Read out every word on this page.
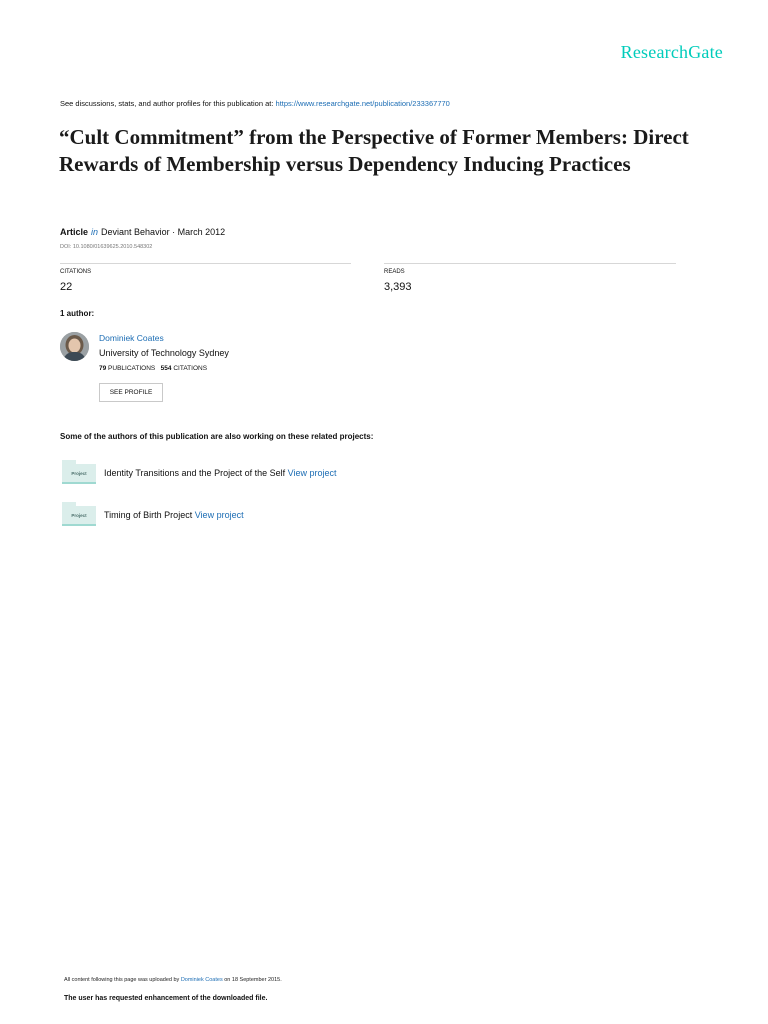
ResearchGate
See discussions, stats, and author profiles for this publication at: https://www.researchgate.net/publication/233367770
“Cult Commitment” from the Perspective of Former Members: Direct Rewards of Membership versus Dependency Inducing Practices
Article in Deviant Behavior · March 2012
DOI: 10.1080/01639625.2010.548302
CITATIONS
22
READS
3,393
1 author:
Dominiek Coates
University of Technology Sydney
79 PUBLICATIONS 554 CITATIONS
SEE PROFILE
Some of the authors of this publication are also working on these related projects:
Project	Identity Transitions and the Project of the Self View project
Project	Timing of Birth Project View project
All content following this page was uploaded by Dominiek Coates on 18 September 2015.
The user has requested enhancement of the downloaded file.
